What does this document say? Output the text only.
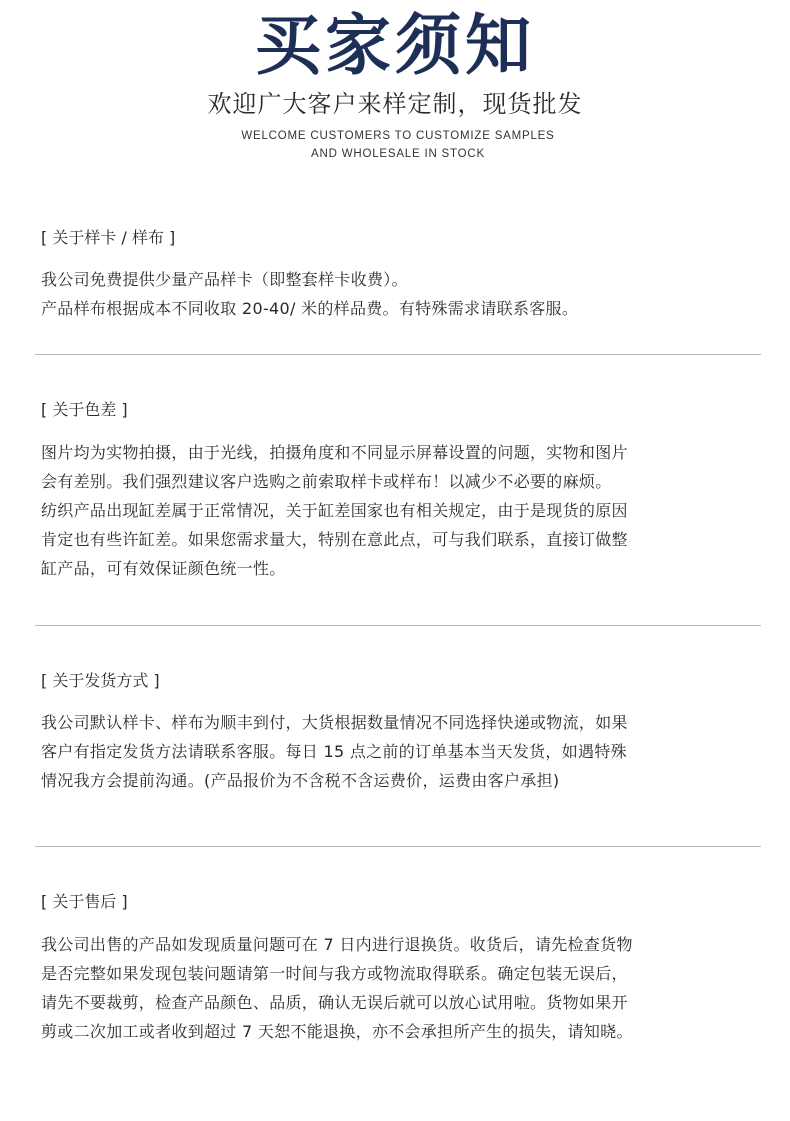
买家须知
欢迎广大客户来样定制，现货批发
WELCOME CUSTOMERS TO CUSTOMIZE SAMPLES
AND WHOLESALE IN STOCK
[ 关于样卡 / 样布 ]
我公司免费提供少量产品样卡（即整套样卡收费）。
产品样布根据成本不同收取 20-40/ 米的样品费。有特殊需求请联系客服。
[ 关于色差 ]
图片均为实物拍摄，由于光线，拍摄角度和不同显示屏幕设置的问题，实物和图片
会有差别。我们强烈建议客户选购之前索取样卡或样布！以减少不必要的麻烦。
纺织产品出现缸差属于正常情况，关于缸差国家也有相关规定，由于是现货的原因
肯定也有些许缸差。如果您需求量大，特别在意此点，可与我们联系，直接订做整
缸产品，可有效保证颜色统一性。
[ 关于发货方式 ]
我公司默认样卡、样布为顺丰到付，大货根据数量情况不同选择快递或物流，如果
客户有指定发货方法请联系客服。每日 15 点之前的订单基本当天发货，如遇特殊
情况我方会提前沟通。(产品报价为不含税不含运费价，运费由客户承担)
[ 关于售后 ]
我公司出售的产品如发现质量问题可在 7 日内进行退换货。收货后，请先检查货物
是否完整如果发现包装问题请第一时间与我方或物流取得联系。确定包装无误后，
请先不要裁剪，检查产品颜色、品质，确认无误后就可以放心试用啦。货物如果开
剪或二次加工或者收到超过 7 天恕不能退换，亦不会承担所产生的损失，请知晓。
